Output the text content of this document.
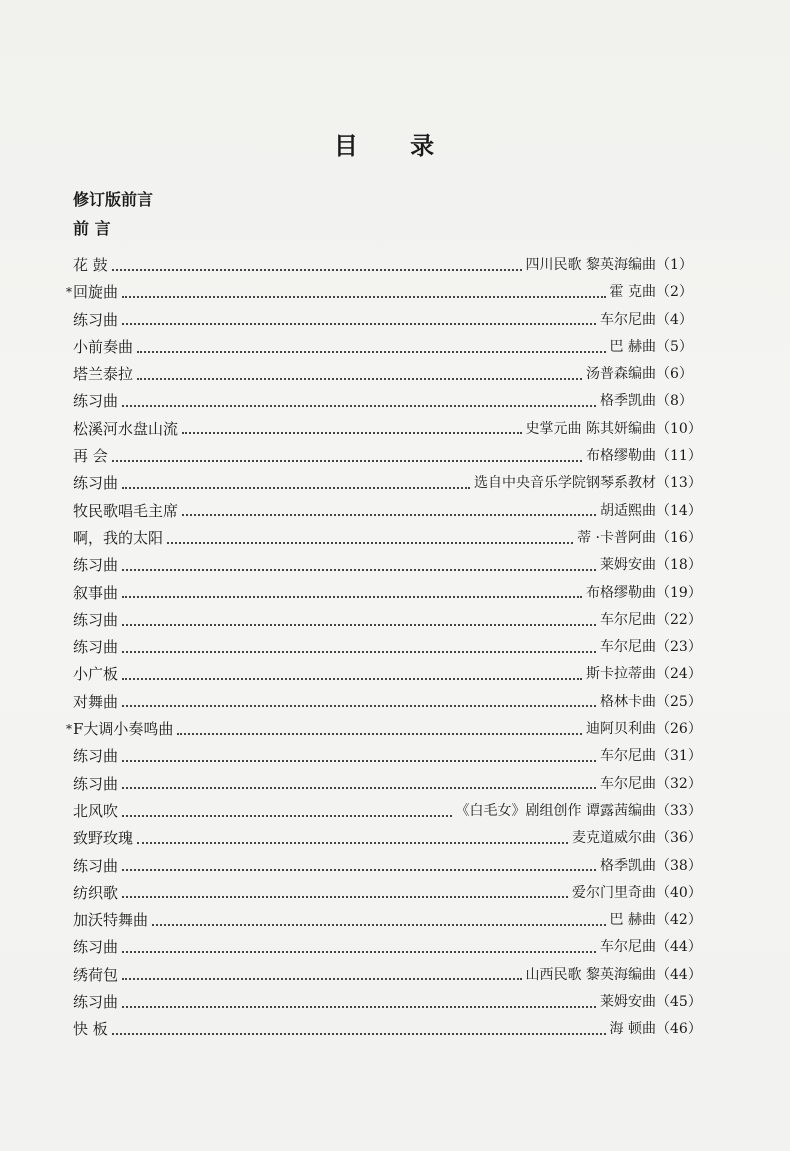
目 录
修订版前言
前 言
花 鼓	四川民歌 黎英海编曲 （1）
* 回旋曲	霍 克曲 （2）
练习曲	车尔尼曲 （4）
小前奏曲	巴 赫曲 （5）
塔兰泰拉	汤普森编曲 （6）
练习曲	格季凯曲 （8）
松溪河水盘山流	史掌元曲 陈其妍编曲 （10）
再 会	布格缪勒曲 （11）
练习曲	选自中央音乐学院钢琴系教材 （13）
牧民歌唱毛主席	胡适熙曲 （14）
啊，我的太阳	蒂 ·卡普阿曲 （16）
练习曲	莱姆安曲 （18）
叙事曲	布格缪勒曲 （19）
练习曲	车尔尼曲 （22）
练习曲	车尔尼曲 （23）
小广板	斯卡拉蒂曲 （24）
对舞曲	格林卡曲 （25）
* F大调小奏鸣曲	迪阿贝利曲 （26）
练习曲	车尔尼曲 （31）
练习曲	车尔尼曲 （32）
北风吹	《白毛女》剧组创作 谭露茜编曲 （33）
致野玫瑰	麦克道威尔曲 （36）
练习曲	格季凯曲 （38）
纺织歌	爱尔门里奇曲 （40）
加沃特舞曲	巴 赫曲 （42）
练习曲	车尔尼曲 （44）
绣荷包	山西民歌 黎英海编曲 （44）
练习曲	莱姆安曲 （45）
快 板	海 顿曲 （46）
